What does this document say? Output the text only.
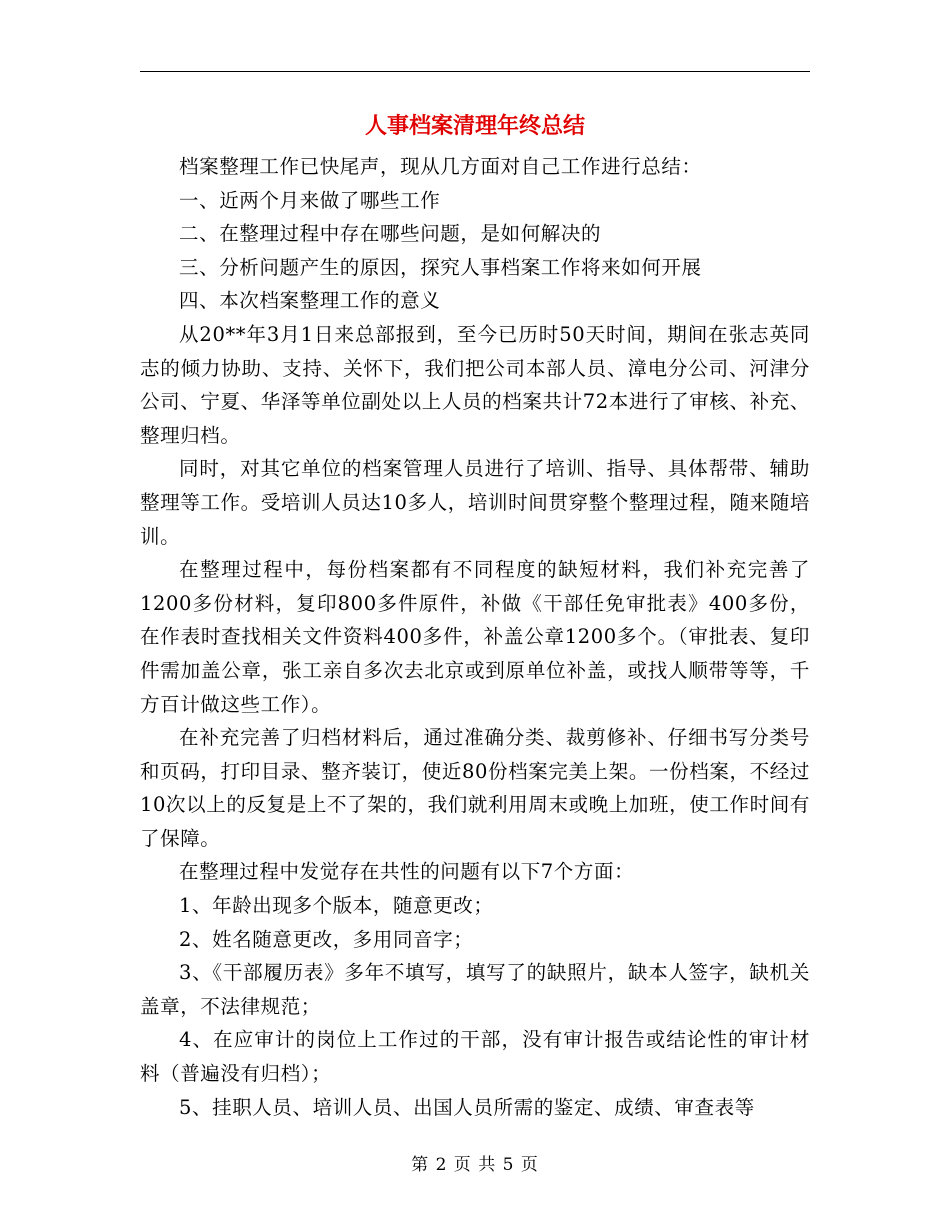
人事档案清理年终总结

档案整理工作已快尾声，现从几方面对自己工作进行总结：

一、近两个月来做了哪些工作

二、在整理过程中存在哪些问题，是如何解决的

三、分析问题产生的原因，探究人事档案工作将来如何开展

四、本次档案整理工作的意义

从20**年3月1日来总部报到，至今已历时50天时间，期间在张志英同志的倾力协助、支持、关怀下，我们把公司本部人员、漳电分公司、河津分公司、宁夏、华泽等单位副处以上人员的档案共计72本进行了审核、补充、整理归档。

同时，对其它单位的档案管理人员进行了培训、指导、具体帮带、辅助整理等工作。受培训人员达10多人，培训时间贯穿整个整理过程，随来随培训。

在整理过程中，每份档案都有不同程度的缺短材料，我们补充完善了1200多份材料，复印800多件原件，补做《干部任免审批表》400多份，在作表时查找相关文件资料400多件，补盖公章1200多个。（审批表、复印件需加盖公章，张工亲自多次去北京或到原单位补盖，或找人顺带等等，千方百计做这些工作）。

在补充完善了归档材料后，通过准确分类、裁剪修补、仔细书写分类号和页码，打印目录、整齐装订，使近80份档案完美上架。一份档案，不经过10次以上的反复是上不了架的，我们就利用周末或晚上加班，使工作时间有了保障。

在整理过程中发觉存在共性的问题有以下7个方面：

1、年龄出现多个版本，随意更改；

2、姓名随意更改，多用同音字；

3、《干部履历表》多年不填写，填写了的缺照片，缺本人签字，缺机关盖章，不法律规范；

4、在应审计的岗位上工作过的干部，没有审计报告或结论性的审计材料（普遍没有归档）；

5、挂职人员、培训人员、出国人员所需的鉴定、成绩、审查表等

第 2 页 共 5 页
